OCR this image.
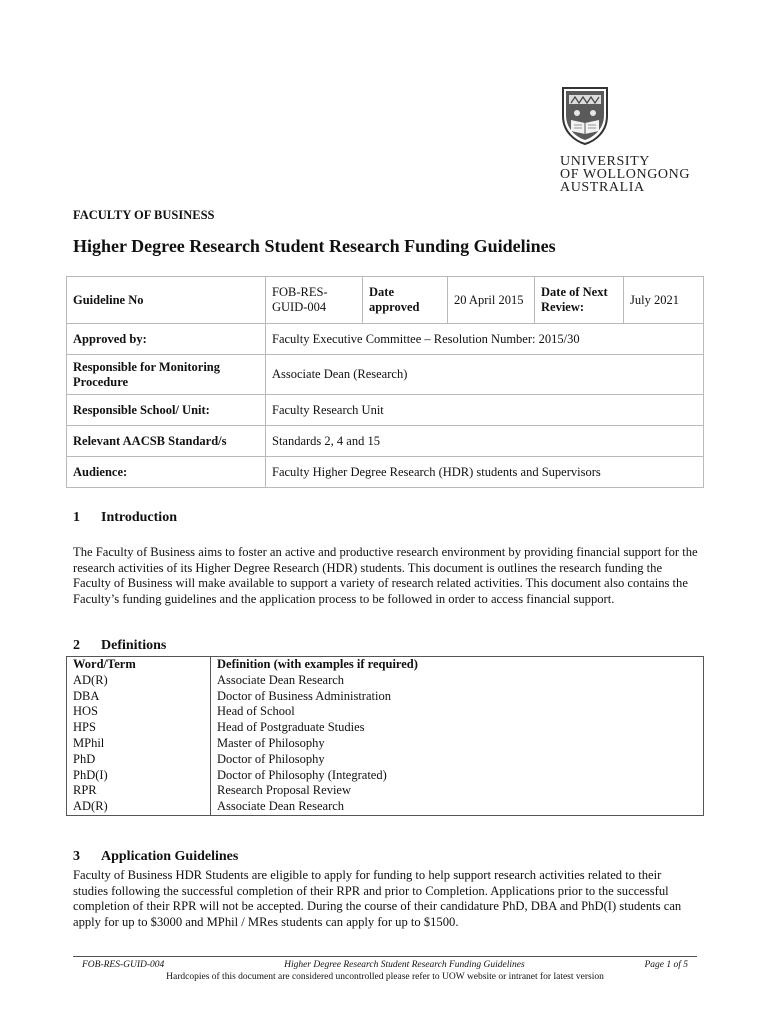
UNIVERSITY
OF WOLLONGONG
AUSTRALIA
FACULTY OF BUSINESS
Higher Degree Research Student Research Funding Guidelines
Guideline No	FOB-RES-GUID-004	Date approved	20 April 2015	Date of Next Review:	July 2021
Approved by:	Faculty Executive Committee – Resolution Number: 2015/30				
Responsible for Monitoring Procedure	Associate Dean (Research)				
Responsible School/ Unit:	Faculty Research Unit				
Relevant AACSB Standard/s	Standards 2, 4 and 15				
Audience:	Faculty Higher Degree Research (HDR) students and Supervisors				
1 Introduction
The Faculty of Business aims to foster an active and productive research environment by providing financial support for the research activities of its Higher Degree Research (HDR) students. This document is outlines the research funding the Faculty of Business will make available to support a variety of research related activities. This document also contains the Faculty’s funding guidelines and the application process to be followed in order to access financial support.
2 Definitions
Word/Term	Definition (with examples if required)
AD(R)	Associate Dean Research
DBA	Doctor of Business Administration
HOS	Head of School
HPS	Head of Postgraduate Studies
MPhil	Master of Philosophy
PhD	Doctor of Philosophy
PhD(I)	Doctor of Philosophy (Integrated)
RPR	Research Proposal Review
AD(R)	Associate Dean Research
3 Application Guidelines
Faculty of Business HDR Students are eligible to apply for funding to help support research activities related to their studies following the successful completion of their RPR and prior to Completion. Applications prior to the successful completion of their RPR will not be accepted. During the course of their candidature PhD, DBA and PhD(I) students can apply for up to $3000 and MPhil / MRes students can apply for up to $1500.
FOB-RES-GUID-004	Higher Degree Research Student Research Funding Guidelines	Page 1 of 5
Hardcopies of this document are considered uncontrolled please refer to UOW website or intranet for latest version
